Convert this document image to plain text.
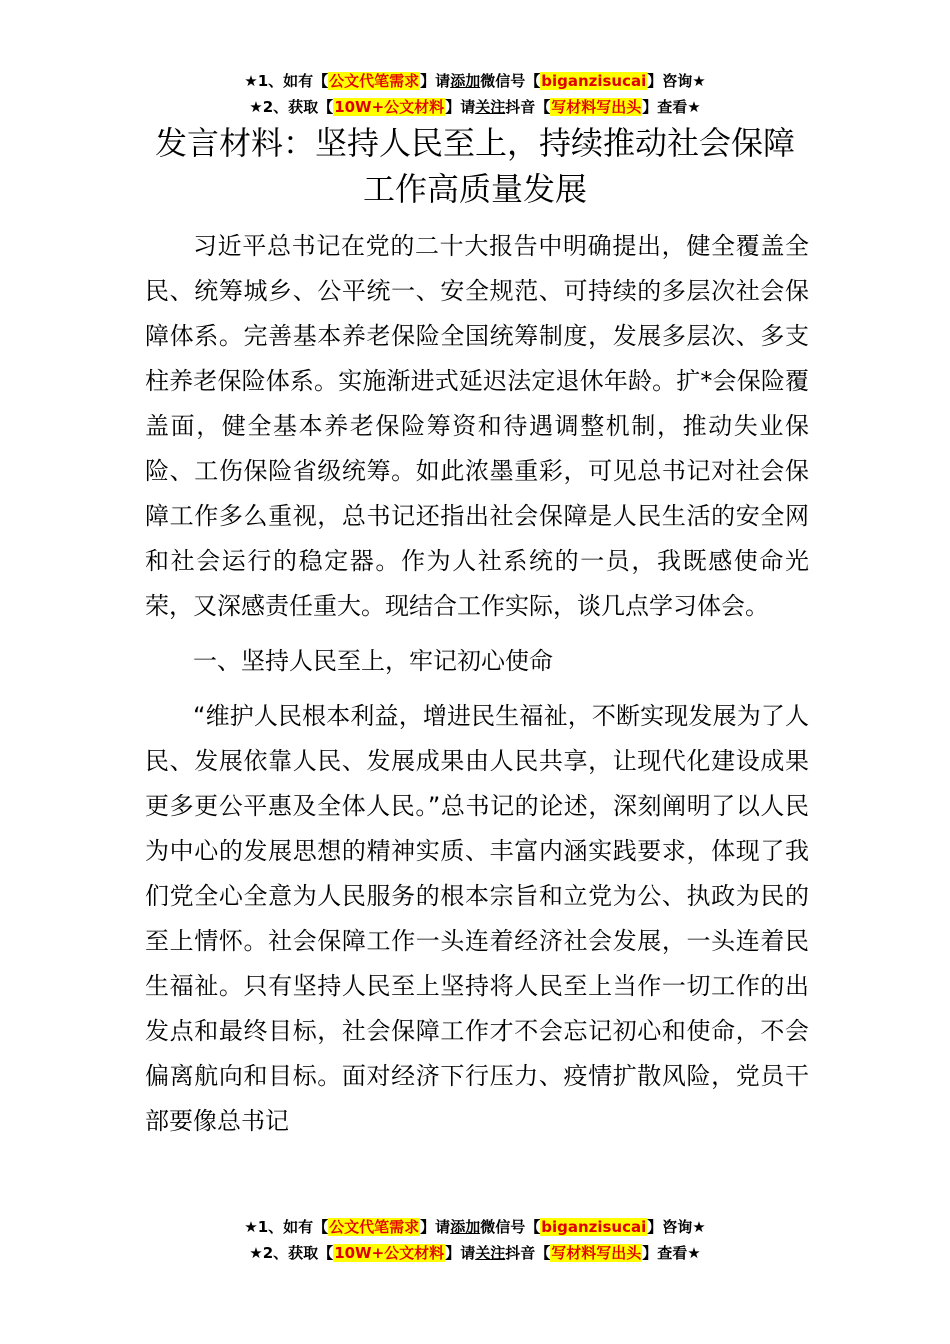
★1、如有【公文代笔需求】请添加微信号【biganzisucai】咨询★
★2、获取【10W+公文材料】请关注抖音【写材料写出头】查看★
发言材料：坚持人民至上，持续推动社会保障工作高质量发展

习近平总书记在党的二十大报告中明确提出，健全覆盖全民、统筹城乡、公平统一、安全规范、可持续的多层次社会保障体系。完善基本养老保险全国统筹制度，发展多层次、多支柱养老保险体系。实施渐进式延迟法定退休年龄。扩*会保险覆盖面，健全基本养老保险筹资和待遇调整机制，推动失业保险、工伤保险省级统筹。如此浓墨重彩，可见总书记对社会保障工作多么重视，总书记还指出社会保障是人民生活的安全网和社会运行的稳定器。作为人社系统的一员，我既感使命光荣，又深感责任重大。现结合工作实际，谈几点学习体会。

一、坚持人民至上，牢记初心使命

“维护人民根本利益，增进民生福祉，不断实现发展为了人民、发展依靠人民、发展成果由人民共享，让现代化建设成果更多更公平惠及全体人民。”总书记的论述，深刻阐明了以人民为中心的发展思想的精神实质、丰富内涵实践要求，体现了我们党全心全意为人民服务的根本宗旨和立党为公、执政为民的至上情怀。社会保障工作一头连着经济社会发展，一头连着民生福祉。只有坚持人民至上坚持将人民至上当作一切工作的出发点和最终目标，社会保障工作才不会忘记初心和使命，不会偏离航向和目标。面对经济下行压力、疫情扩散风险，党员干部要像总书记

★1、如有【公文代笔需求】请添加微信号【biganzisucai】咨询★
★2、获取【10W+公文材料】请关注抖音【写材料写出头】查看★
